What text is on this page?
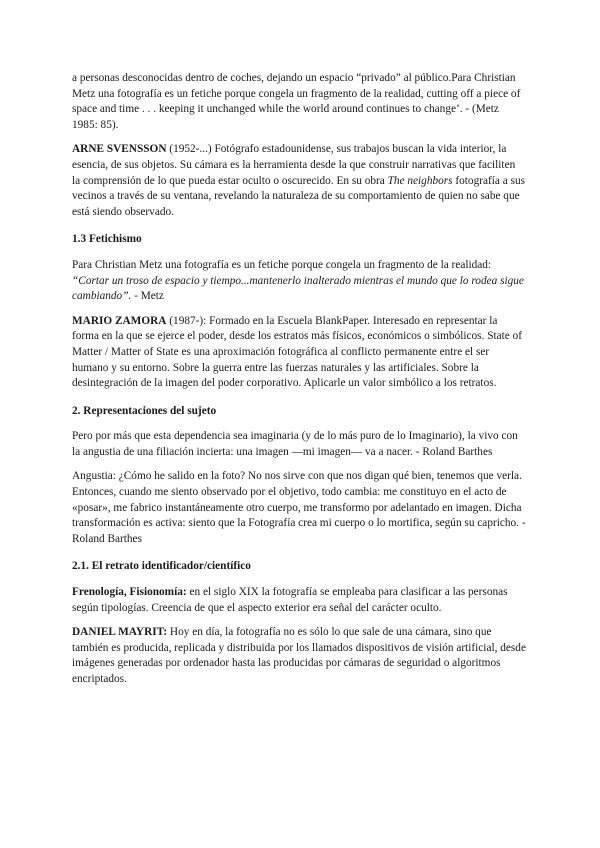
a personas desconocidas dentro de coches, dejando un espacio “privado” al público.Para Christian Metz una fotografía es un fetiche porque congela un fragmento de la realidad, cutting off a piece of space and time . . . keeping it unchanged while the world around continues to change’. - (Metz 1985: 85).

ARNE SVENSSON (1952-...) Fotógrafo estadounidense, sus trabajos buscan la vida interior, la esencia, de sus objetos. Su cámara es la herramienta desde la que construir narrativas que faciliten la comprensión de lo que pueda estar oculto o oscurecido. En su obra The neighbors fotografía a sus vecinos a través de su ventana, revelando la naturaleza de su comportamiento de quien no sabe que está siendo observado.

1.3 Fetichismo

Para Christian Metz una fotografía es un fetiche porque congela un fragmento de la realidad:
“Cortar un troso de espacio y tiempo...mantenerlo inalterado mientras el mundo que lo rodea sigue cambiando”. - Metz

MARIO ZAMORA (1987-): Formado en la Escuela BlankPaper. Interesado en representar la forma en la que se ejerce el poder, desde los estratos más físicos, económicos o simbólicos. State of Matter / Matter of State es una aproximación fotográfica al conflicto permanente entre el ser humano y su entorno. Sobre la guerra entre las fuerzas naturales y las artificiales. Sobre la desintegración de la imagen del poder corporativo. Aplicarle un valor simbólico a los retratos.

2. Representaciones del sujeto

Pero por más que esta dependencia sea imaginaria (y de lo más puro de lo Imaginario), la vivo con la angustia de una filiación incierta: una imagen —mi imagen— va a nacer. - Roland Barthes

Angustia: ¿Cómo he salido en la foto? No nos sirve con que nos digan qué bien, tenemos que verla. Entonces, cuando me siento observado por el objetivo, todo cambia: me constituyo en el acto de «posar», me fabrico instantáneamente otro cuerpo, me transformo por adelantado en imagen. Dicha transformación es activa: siento que la Fotografía crea mi cuerpo o lo mortifica, según su capricho. - Roland Barthes

2.1. El retrato identificador/científico

Frenología, Fisionomía: en el siglo XIX la fotografía se empleaba para clasificar a las personas según tipologías. Creencia de que el aspecto exterior era señal del carácter oculto.

DANIEL MAYRIT: Hoy en día, la fotografía no es sólo lo que sale de una cámara, sino que también es producida, replicada y distribuida por los llamados dispositivos de visión artificial, desde imágenes generadas por ordenador hasta las producidas por cámaras de seguridad o algoritmos encriptados.
